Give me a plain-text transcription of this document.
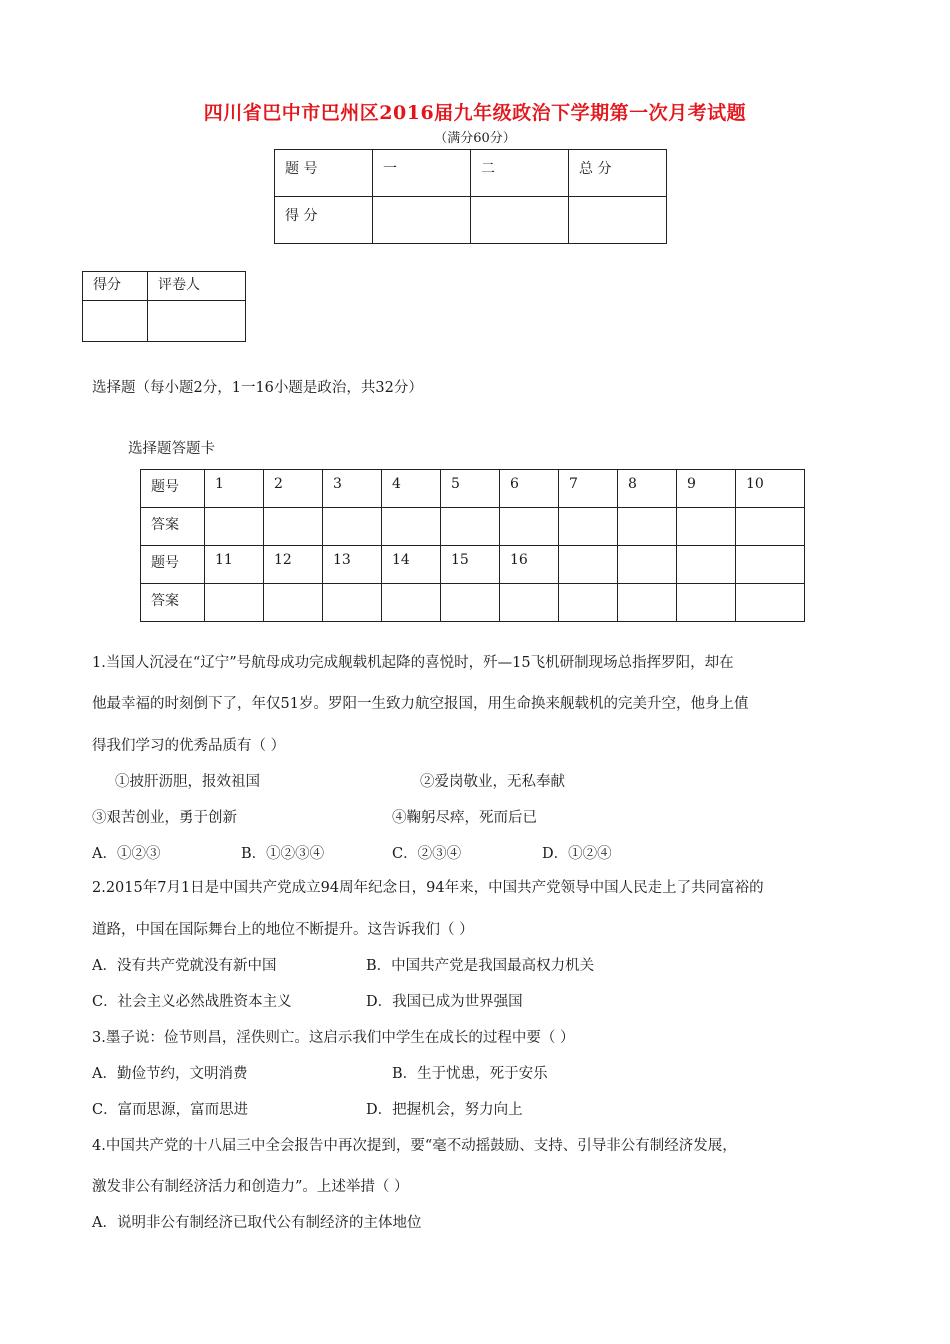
四川省巴中市巴州区2016届九年级政治下学期第一次月考试题
（满分60分）
题 号	一	二	总 分
得 分			
得分	评卷人

选择题（每小题2分，1一16小题是政治，共32分）
选择题答题卡
题号	1	2	3	4	5	6	7	8	9	10
答案										
题号	11	12	13	14	15	16				
答案										
1.当国人沉浸在“辽宁”号航母成功完成舰载机起降的喜悦时，歼—15飞机研制现场总指挥罗阳，却在
他最幸福的时刻倒下了，年仅51岁。罗阳一生致力航空报国，用生命换来舰载机的完美升空，他身上值
得我们学习的优秀品质有（ ）
①披肝沥胆，报效祖国	②爱岗敬业，无私奉献
③艰苦创业，勇于创新	④鞠躬尽瘁，死而后已
A．①②③	B．①②③④	C．②③④	D．①②④
2.2015年7月1日是中国共产党成立94周年纪念日，94年来，中国共产党领导中国人民走上了共同富裕的
道路，中国在国际舞台上的地位不断提升。这告诉我们（ ）
A．没有共产党就没有新中国	B．中国共产党是我国最高权力机关
C．社会主义必然战胜资本主义	D．我国已成为世界强国
3.墨子说：俭节则昌，淫佚则亡。这启示我们中学生在成长的过程中要（ ）
A．勤俭节约，文明消费	B．生于忧患，死于安乐
C．富而思源，富而思进	D．把握机会，努力向上
4.中国共产党的十八届三中全会报告中再次提到，要“毫不动摇鼓励、支持、引导非公有制经济发展，
激发非公有制经济活力和创造力”。上述举措（ ）
A．说明非公有制经济已取代公有制经济的主体地位
